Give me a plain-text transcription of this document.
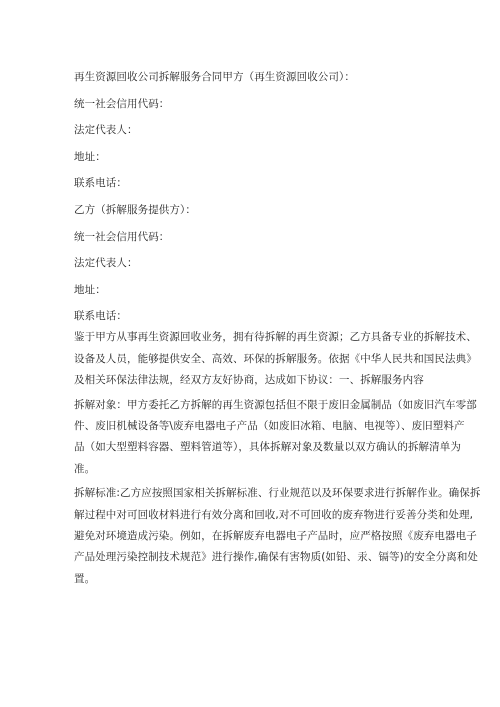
再生资源回收公司拆解服务合同甲方（再生资源回收公司）：
统一社会信用代码：
法定代表人：
地址：
联系电话：
乙方（拆解服务提供方）：
统一社会信用代码：
法定代表人：
地址：
联系电话：
鉴于甲方从事再生资源回收业务，拥有待拆解的再生资源；乙方具备专业的拆解技术、
设备及人员，能够提供安全、高效、环保的拆解服务。依据《中华人民共和国民法典》
及相关环保法律法规，经双方友好协商，达成如下协议：一、拆解服务内容
拆解对象：甲方委托乙方拆解的再生资源包括但不限于废旧金属制品（如废旧汽车零部
件、废旧机械设备等\废弃电器电子产品（如废旧冰箱、电脑、电视等）、废旧塑料产
品（如大型塑料容器、塑料管道等），具体拆解对象及数量以双方确认的拆解清单为
准。
拆解标准:乙方应按照国家相关拆解标准、行业规范以及环保要求进行拆解作业。确保拆
解过程中对可回收材料进行有效分离和回收,对不可回收的废弃物进行妥善分类和处理,
避免对环境造成污染。例如，在拆解废弃电器电子产品时，应严格按照《废弃电器电子
产品处理污染控制技术规范》进行操作,确保有害物质(如铅、汞、镉等)的安全分离和处
置。
